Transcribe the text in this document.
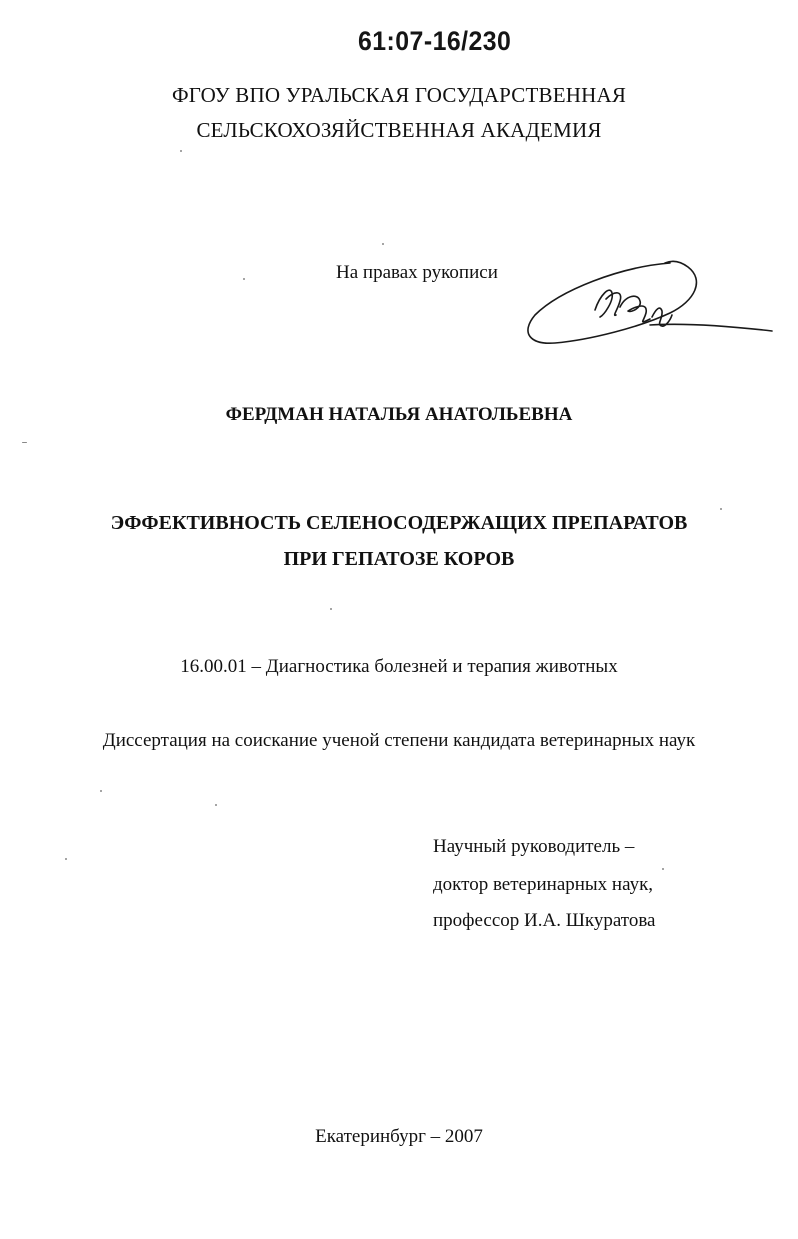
61:07-16/230

ФГОУ ВПО УРАЛЬСКАЯ ГОСУДАРСТВЕННАЯ

СЕЛЬСКОХОЗЯЙСТВЕННАЯ АКАДЕМИЯ

На правах рукописи

ФЕРДМАН НАТАЛЬЯ АНАТОЛЬЕВНА

ЭФФЕКТИВНОСТЬ СЕЛЕНОСОДЕРЖАЩИХ ПРЕПАРАТОВ

ПРИ ГЕПАТОЗЕ КОРОВ

16.00.01 – Диагностика болезней и терапия животных

Диссертация на соискание ученой степени кандидата ветеринарных наук

Научный руководитель –

доктор ветеринарных наук,

профессор И.А. Шкуратова

Екатеринбург – 2007
